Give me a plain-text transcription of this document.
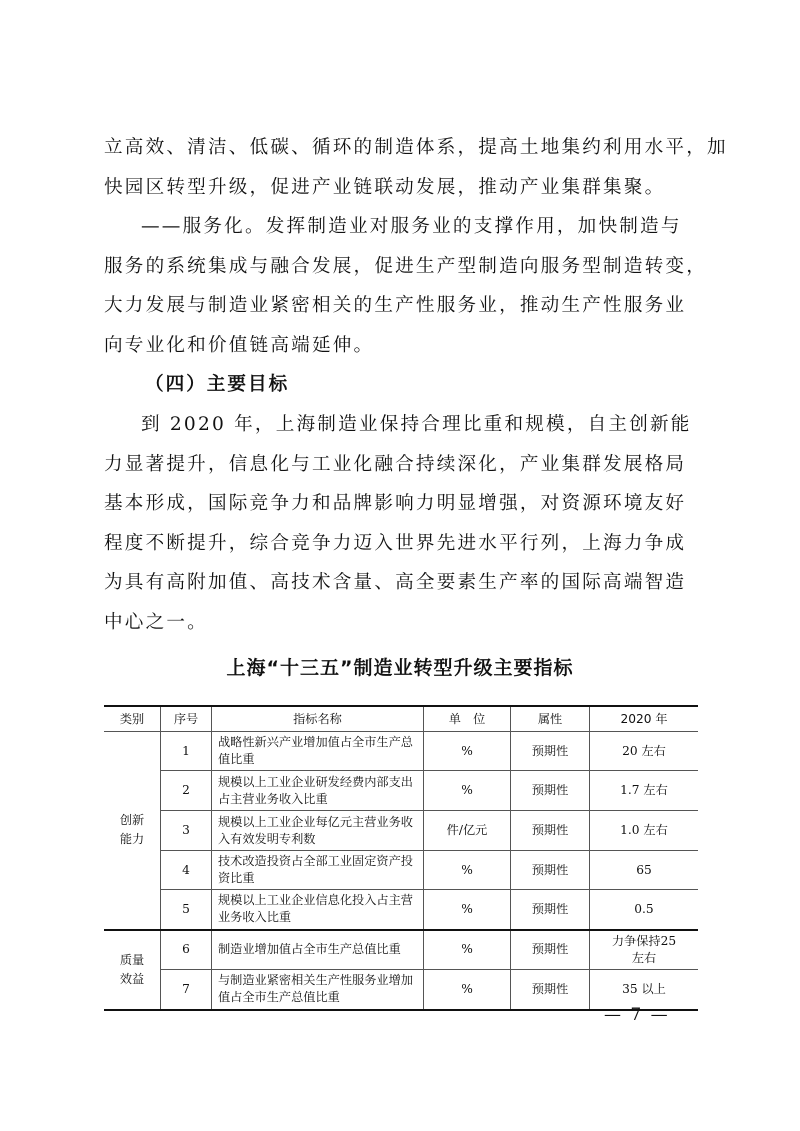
立高效、清洁、低碳、循环的制造体系，提高土地集约利用水平，加
快园区转型升级，促进产业链联动发展，推动产业集群集聚。
——服务化。发挥制造业对服务业的支撑作用，加快制造与
服务的系统集成与融合发展，促进生产型制造向服务型制造转变，
大力发展与制造业紧密相关的生产性服务业，推动生产性服务业
向专业化和价值链高端延伸。
（四）主要目标
到 2020 年，上海制造业保持合理比重和规模，自主创新能
力显著提升，信息化与工业化融合持续深化，产业集群发展格局
基本形成，国际竞争力和品牌影响力明显增强，对资源环境友好
程度不断提升，综合竞争力迈入世界先进水平行列，上海力争成
为具有高附加值、高技术含量、高全要素生产率的国际高端智造
中心之一。
上海“十三五”制造业转型升级主要指标
类别	序号	指标名称	单　位	属性	2020 年
创新能力	1	战略性新兴产业增加值占全市生产总值比重	%	预期性	20 左右
	2	规模以上工业企业研发经费内部支出占主营业务收入比重	%	预期性	1.7 左右
	3	规模以上工业企业每亿元主营业务收入有效发明专利数	件/亿元	预期性	1.0 左右
	4	技术改造投资占全部工业固定资产投资比重	%	预期性	65
	5	规模以上工业企业信息化投入占主营业务收入比重	%	预期性	0.5
质量效益	6	制造业增加值占全市生产总值比重	%	预期性	力争保持25 左右
	7	与制造业紧密相关生产性服务业增加值占全市生产总值比重	%	预期性	35 以上
— 7 —
